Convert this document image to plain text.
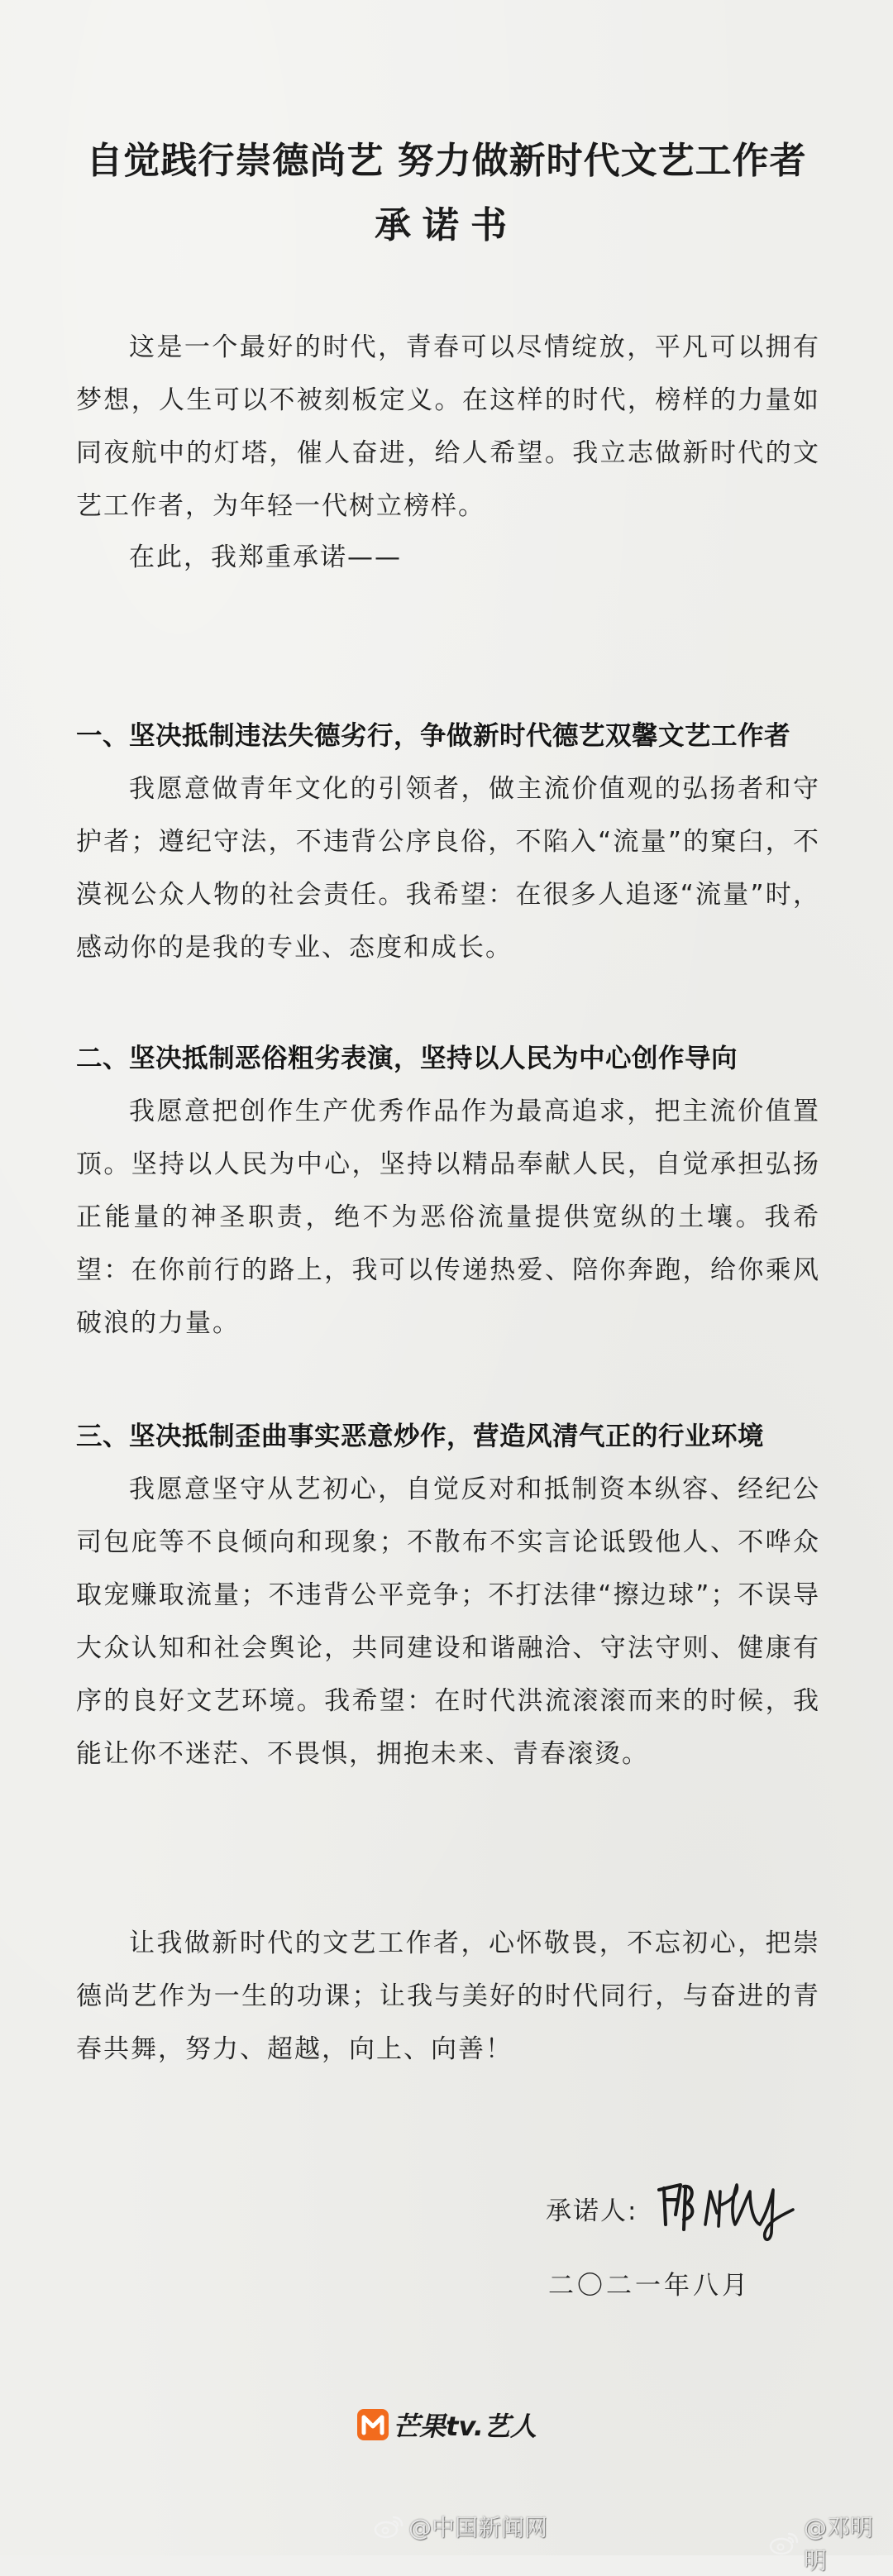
自觉践行崇德尚艺 努力做新时代文艺工作者
承诺书

这是一个最好的时代，青春可以尽情绽放，平凡可以拥有梦想，人生可以不被刻板定义。在这样的时代，榜样的力量如同夜航中的灯塔，催人奋进，给人希望。我立志做新时代的文艺工作者，为年轻一代树立榜样。

在此，我郑重承诺——

一、坚决抵制违法失德劣行，争做新时代德艺双馨文艺工作者

我愿意做青年文化的引领者，做主流价值观的弘扬者和守护者；遵纪守法，不违背公序良俗，不陷入“流量”的窠臼，不漠视公众人物的社会责任。我希望：在很多人追逐“流量”时，感动你的是我的专业、态度和成长。

二、坚决抵制恶俗粗劣表演，坚持以人民为中心创作导向

我愿意把创作生产优秀作品作为最高追求，把主流价值置顶。坚持以人民为中心，坚持以精品奉献人民，自觉承担弘扬正能量的神圣职责，绝不为恶俗流量提供宽纵的土壤。我希望：在你前行的路上，我可以传递热爱、陪你奔跑，给你乘风破浪的力量。

三、坚决抵制歪曲事实恶意炒作，营造风清气正的行业环境

我愿意坚守从艺初心，自觉反对和抵制资本纵容、经纪公司包庇等不良倾向和现象；不散布不实言论诋毁他人、不哗众取宠赚取流量；不违背公平竞争；不打法律“擦边球”；不误导大众认知和社会舆论，共同建设和谐融洽、守法守则、健康有序的良好文艺环境。我希望：在时代洪流滚滚而来的时候，我能让你不迷茫、不畏惧，拥抱未来、青春滚烫。

让我做新时代的文艺工作者，心怀敬畏，不忘初心，把崇德尚艺作为一生的功课；让我与美好的时代同行，与奋进的青春共舞，努力、超越，向上、向善！

承诺人:
二〇二一年八月
芒果tv.艺人
@中国新闻网	@邓明明
